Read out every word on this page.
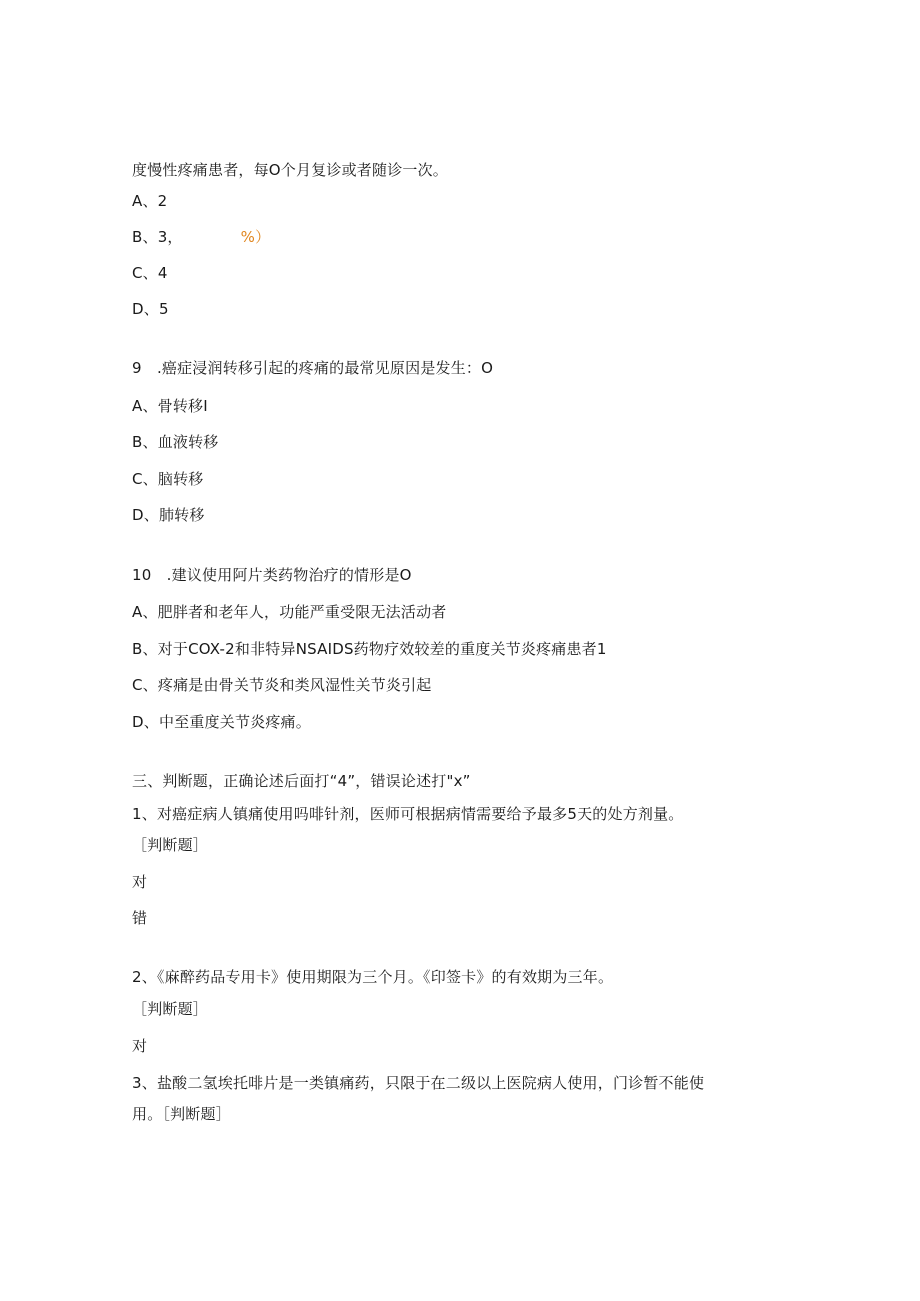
度慢性疼痛患者，每O个月复诊或者随诊一次。
A、2
B、3，	%）
C、4
D、5
9　.癌症浸润转移引起的疼痛的最常见原因是发生：O
A、骨转移I
B、血液转移
C、脑转移
D、肺转移
10　.建议使用阿片类药物治疗的情形是O
A、肥胖者和老年人，功能严重受限无法活动者
B、对于COX-2和非特异NSAIDS药物疗效较差的重度关节炎疼痛患者1
C、疼痛是由骨关节炎和类风湿性关节炎引起
D、中至重度关节炎疼痛。
三、判断题，正确论述后面打“4”，错误论述打"x”
1、对癌症病人镇痛使用吗啡针剂，医师可根据病情需要给予最多5天的处方剂量。
［判断题］
对
错
2、《麻醉药品专用卡》使用期限为三个月。《印签卡》的有效期为三年。
［判断题］
对
3、盐酸二氢埃托啡片是一类镇痛药，只限于在二级以上医院病人使用，门诊暂不能使
用。［判断题］
